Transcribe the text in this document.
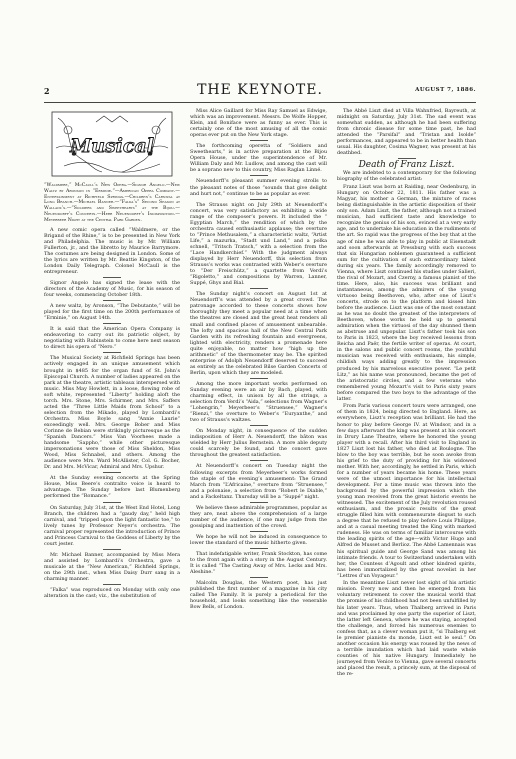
2	THE KEYNOTE.	AUGUST 7, 1886.
Musical
“Waldmere,” McCaull’s New Opera.—Signor Angelo.—New Waltz by Aronson in “Erminie.”—American Opera Company.—Entertainment at Richfield Springs.—Children’s Carnival at Long Branch.—Michael Banner.—“Falka’s” Second Season at Wallack’s.—“Soldiers and Sweethearts” at the Bijou.—Neuendorff’s Concerts.—Herr Neuendorff’s Indisposition.—Meyerbeer Night at the Central Park Garden.

A new comic opera called “Waldmere, or the Brigand of the Rhine,” is to be presented in New York and Philadelphia. The music is by Mr. William Fullerton, jr., and the libretto by Maurice Barrymore. The costumes are being designed in London. Some of the lyrics are written by Mr. Beattie Kingston, of the London Daily Telegraph. Colonel McCaull is the entrepreneur.

Signor Angelo has signed the lease with the directors of the Academy of Music, for his season of four weeks, commencing October 18th.

A new waltz, by Aronson, “The Debutante,” will be played for the first time on the 200th performance of “Erminie,” on August 14th.

It is said that the American Opera Company is endeavoring to carry out its patriotic object, by negotiating with Rubinstein to come here next season to direct his opera of “Nero.”

The Musical Society at Richfield Springs has been actively engaged in an unique amusement which brought in $485 for the organ fund of St. John’s Episcopal Church. A number of ladies appeared on the park at the theatre, artistic tableaux interspersed with music. Miss May Howlett, in a loose, flowing robe of soft white, represented “Liberty” holding aloft the torch. Mrs. Stone, Mrs. Schirmer, and Mrs. Saffers acted the “Three Little Maids from School” to a selection from the Mikado, played by Lombardi’s Orchestra. Miss Boyle sang “Annie Laurie” exceedingly well. Mrs. George Bober and Miss Corinne de Bebian were strikingly picturesque as the “Spanish Dancers.” Miss Van Voorhees made a handsome “Sappho,” while other picturesque impersonations were those of Miss Sheldon, Miss Wood, Miss Schnabel, and others. Among the audience were Mrs. Ward McAllister, Col. G. Bocher, Dr. and Mrs. McVicar, Admiral and Mrs. Upshur.

At the Sunday evening concerts at the Spring House, Miss Beere’s contralto voice is heard to advantage. The Sunday before last Blumenberg performed the “Romance.”

On Saturday, July 31st, at the West End Hotel, Long Branch, the children had a “gaudy day,” held high carnival, and “tripped upon the light fantastic toe,” to lively tunes by Professor Neyer’s orchestra. The carnival proper represented the introduction of Prince and Princess Carnival to the Goddess of Liberty by the court jester.

Mr. Michael Banner, accompanied by Miss Mera and assisted by Lombardi’s Orchestra, gave a musicale at the “New American,” Richfield Springs, on the 29th inst., when Miss Daisy Durr sang in a charming manner.

“Falka” was reproduced on Monday with only one alteration in the cast; viz., the substitution of

Miss Alice Gaillard for Miss Ray Samuel as Edwige, which was an improvement. Messrs. De Wolfe Hopper, Klein, and Boniface were as funny as ever. This is certainly one of the most amusing of all the comic operas ever put on the New York stage.

The forthcoming operetta of “Soldiers and Sweethearts,” is in active preparation at the Bijou Opera House, under the superintendence of Mr. William Daly and Mr. Ludlow, and among the cast will be a soprano new to this country, Miss Raglan Linné.

Neuendorff’s pleasant summer evening strolls to the pleasant notes of those “sounds that give delight and hurt not,” continue to be as popular as ever.

The Strauss night on July 29th at Neuendorff’s concert, was very satisfactory as exhibiting a wide range of the composer’s powers. It included the “ Egyptian March,” the rendition of which by the orchestra caused enthusiastic applause; the overture to “Prince Methusalem,” a characteristic waltz, “Artist Life,” a mazurka, “Stadt und Land,” and a polka schnell, “Tritsch Tratsch,” with a selection from the “Lace Handkerchief.” With the judgment always displayed by Herr Neuendorff, this selection from Strauss’s works was contrasted with Weber’s overture to “Der Freischütz,” a quartette from Verdi’s “Rigoletto,” and compositions by Warren, Lanner, Suppé, Ghys and Bial.

The Sunday night’s concert on August 1st at Neuendorff’s was attended by a great crowd. The patronage accorded to these concerts shows how thoroughly they meet a popular need at a time when the theatres are closed and the great heat renders all small and confined places of amusement unbearable. The lofty and spacious hall of the New Central Park Garden with its refreshing fountain and evergreens, lighted with electricity, renders a promenade here quite enjoyable, no matter how “high up the arithmetic” of the thermometer may be. The spirited enterprise of Adolph Neuendorff deserved to succeed as entirely as the celebrated Bilse Garden Concerts of Berlin, upon which they are modeled.

Among the more important works performed on Sunday evening were an air by Bach, played, with charming effect, in unison by all the strings, a selection from Verdi’s “Aida,” selections from Wagner’s “Lohengrin,” Meyerbeer’s “Struensee,” Wagner’s “Rienzi,” the overture to Weber’s “Euryanthe,” and two of Strauss’s waltzes.

On Monday night, in consequence of the sudden indisposition of Herr A. Neuendorff, the bâton was wielded by Herr Julius Bernstein. A more able deputy could scarcely be found, and the concert gave throughout the greatest satisfaction.

At Neuendorff’s concert on Tuesday night the following excerpts from Meyerbeer’s works formed the staple of the evening’s amusement: The Grand March from “L’Africaine,” overture from “Struensee,” and a polonaise, a selection from “Robert le Diable,” and a Fackeltanz. Thursday will be a “Suppé” night.

We believe these admirable programmes, popular as they are, neat above the comprehension of a large number of the audience, if one may judge from the gossiping and inattention of the crowd.

We hope he will not be induced in consequence to lower the standard of the music hitherto given.

That indefatigable writer, Frank Stockton, has come to the front again with a story in the August Century. It is called “The Casting Away of Mrs. Lecks and Mrs. Aleshine.”

Malcolm Douglas, the Western poet, has just published the first number of a magazine in his city called The Family. It is purely a periodical for the household, and looks something like the venerable Bow Bells, of London.

The Abbé Liszt died at Villa Wahnfried, Bayreuth, at midnight on Saturday, July 31st. The sad event was somewhat sudden, as although he had been suffering from chronic disease for some time past, he had attended the “Parsifal” and “Tristan and Isolde” performances, and appeared to be in better health than usual. His daughter, Cosima Wagner, was present at his deathbed.

Death of Franz Liszt.

We are indebted to a contemporary for the following biography of the celebrated artist:

Franz Liszt was born at Raiding, near Oedenburg, in Hungary on October 22, 1811. His father was a Magyar, his mother a German, the mixture of races being distinguishable in the artistic disposition of their only son. Adam Liszt, the father, although not a trained musician, had sufficient taste and knowledge to recognize the genius of his son, evinced at a very early age, and to undertake his education in the rudiments of the art. So rapid was the progress of the boy that at the age of nine he was able to play in public at Eisenstadt and soon afterwards at Pressburg with such success that six Hungarian noblemen guaranteed a sufficient sum for the cultivation of such extraordinary talent during six years. The family accordingly removed to Vienna, where Liszt continued his studies under Salieri, the rival of Mozart, and Czerny, a famous pianist of the time. Here, also, his success was brilliant and instantaneous, among the admirers of the young virtuoso being Beethoven, who, after one of Liszt’s concerts, strode on to the platform and kissed him before the audience. Liszt was one of the most constant as he was no doubt the greatest of the interpreters of Beethoven, whose works he held up to general admiration when the virtuosi of the day shunned them as abstruse and unpopular. Liszt’s father took his son to Paris in 1823, where the boy received lessons from Reicha and Paër, the fertile writer of operas. At court, in the salons and public concert rooms, the youthful musician was received with enthusiasm, his simple, childish ways adding greatly to the impression produced by his marvelous executive power. “Le petit Litz,” as his name was pronounced, became the pet of the aristocratic circles, and a few veterans who remembered young Mozart’s visit to Paris sixty years before compared the two boys to the advantage of the latter.

From Paris various concert tours were arranged, one of them in 1824, being directed to England. Here, as everywhere, Liszt’s reception was brilliant. He had the honor to play before George IV. at Windsor, and in a few days afterward the king was present at his concert in Drury Lane Theatre, where he honored the young player with a recall. After his third visit to England in 1827 Liszt lost his father, who died at Boulogne. The blow to the boy was terrible, but he soon awoke from his grief to the duty of providing for his widowed mother. With her, accordingly, he settled in Paris, which for a number of years became his home. These years were of the utmost importance for his intellectual development. For a time music was thrown into the background by the powerful impression which the young man received from the great historic events he witnessed. The excitement of the July revolution roused enthusiasm, and the prosaic results of the great struggle filled him with commensurate disgust to such a degree that he refused to play before Louis Philippe, and at a casual meeting treated the King with marked rudeness. He was on terms of familiar intercourse with the leading spirits of the age—with Victor Hugo and Alfred de Musset and Berlioz. The Abbé Lamennais was his spiritual guide and George Sand was among his intimate friends. A tour to Switzerland undertaken with her, the Countess d’Agoult and other kindred spirits, has been immortalized by the great novelist in her “Lettres d’un Voyageur.”

In the meantime Liszt never lost sight of his artistic mission. Every now and then he emerged from his voluntary retirement to cover the musical world that the promise of his childhood had not been unfulfilled by his later years. Thus, when Thalberg arrived in Paris and was proclaimed by one party the superior of Liszt, the latter left Geneva, where he was staying, accepted the challenge, and forced his numerous enemies to confess that, as a clever woman put it, “si Thalberg est le premier pianiste du monde, Liszt est le seul.” On another occasion his energy was roused by the news of a terrible inundation which had laid waste whole counties of his native Hungary. Immediately he journeyed from Venice to Vienna, gave several concerts and placed the result, a princely sum, at the disposal of the re-
